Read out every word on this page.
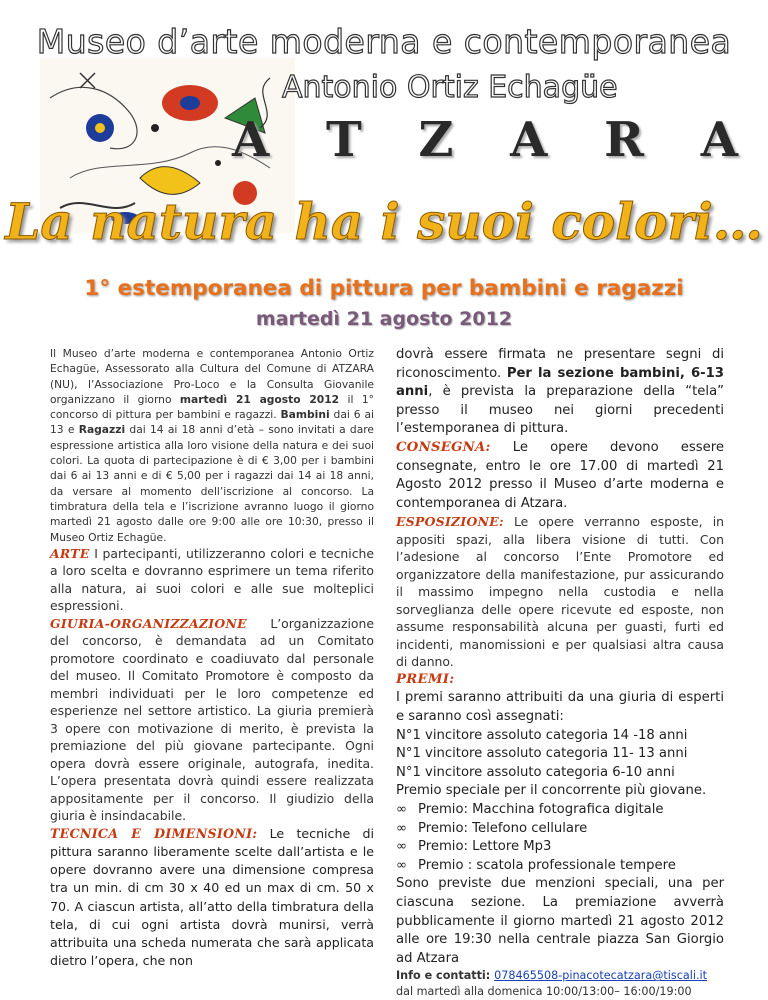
Museo d’arte moderna e contemporanea
Antonio Ortiz Echagüe
A T Z A R A
La natura ha i suoi colori…
1° estemporanea di pittura per bambini e ragazzi
martedì 21 agosto 2012

Il Museo d’arte moderna e contemporanea Antonio Ortiz Echagüe, Assessorato alla Cultura del Comune di ATZARA (NU), l’Associazione Pro-Loco e la Consulta Giovanile organizzano il giorno martedì 21 agosto 2012 il 1° concorso di pittura per bambini e ragazzi. Bambini dai 6 ai 13 e Ragazzi dai 14 ai 18 anni d’età – sono invitati a dare espressione artistica alla loro visione della natura e dei suoi colori. La quota di partecipazione è di € 3,00 per i bambini dai 6 ai 13 anni e di € 5,00 per i ragazzi dai 14 ai 18 anni, da versare al momento dell’iscrizione al concorso. La timbratura della tela e l’iscrizione avranno luogo il giorno martedì 21 agosto dalle ore 9:00 alle ore 10:30, presso il Museo Ortiz Echagüe.

ARTE I partecipanti, utilizzeranno colori e tecniche a loro scelta e dovranno esprimere un tema riferito alla natura, ai suoi colori e alle sue molteplici espressioni.

GIURIA-ORGANIZZAZIONE L’organizzazione del concorso, è demandata ad un Comitato promotore coordinato e coadiuvato dal personale del museo. Il Comitato Promotore è composto da membri individuati per le loro competenze ed esperienze nel settore artistico. La giuria premierà 3 opere con motivazione di merito, è prevista la premiazione del più giovane partecipante. Ogni opera dovrà essere originale, autografa, inedita. L’opera presentata dovrà quindi essere realizzata appositamente per il concorso. Il giudizio della giuria è insindacabile.

TECNICA E DIMENSIONI: Le tecniche di pittura saranno liberamente scelte dall’artista e le opere dovranno avere una dimensione compresa tra un min. di cm 30 x 40 ed un max di cm. 50 x 70. A ciascun artista, all’atto della timbratura della tela, di cui ogni artista dovrà munirsi, verrà attribuita una scheda numerata che sarà applicata dietro l’opera, che non

dovrà essere firmata ne presentare segni di riconoscimento. Per la sezione bambini, 6-13 anni, è prevista la preparazione della “tela” presso il museo nei giorni precedenti l’estemporanea di pittura.

CONSEGNA: Le opere devono essere consegnate, entro le ore 17.00 di martedì 21 Agosto 2012 presso il Museo d’arte moderna e contemporanea di Atzara.

ESPOSIZIONE: Le opere verranno esposte, in appositi spazi, alla libera visione di tutti. Con l’adesione al concorso l’Ente Promotore ed organizzatore della manifestazione, pur assicurando il massimo impegno nella custodia e nella sorveglianza delle opere ricevute ed esposte, non assume responsabilità alcuna per guasti, furti ed incidenti, manomissioni e per qualsiasi altra causa di danno.

PREMI:

I premi saranno attribuiti da una giuria di esperti e saranno così assegnati:

N°1 vincitore assoluto categoria 14 -18 anni

N°1 vincitore assoluto categoria 11- 13 anni

N°1 vincitore assoluto categoria 6-10 anni

Premio speciale per il concorrente più giovane.

∞ Premio: Macchina fotografica digitale
∞ Premio: Telefono cellulare
∞ Premio: Lettore Mp3
∞ Premio : scatola professionale tempere

Sono previste due menzioni speciali, una per ciascuna sezione. La premiazione avverrà pubblicamente il giorno martedì 21 agosto 2012 alle ore 19:30 nella centrale piazza San Giorgio ad Atzara

Info e contatti: 078465508-pinacotecatzara@tiscali.it

dal martedì alla domenica 10:00/13:00– 16:00/19:00
